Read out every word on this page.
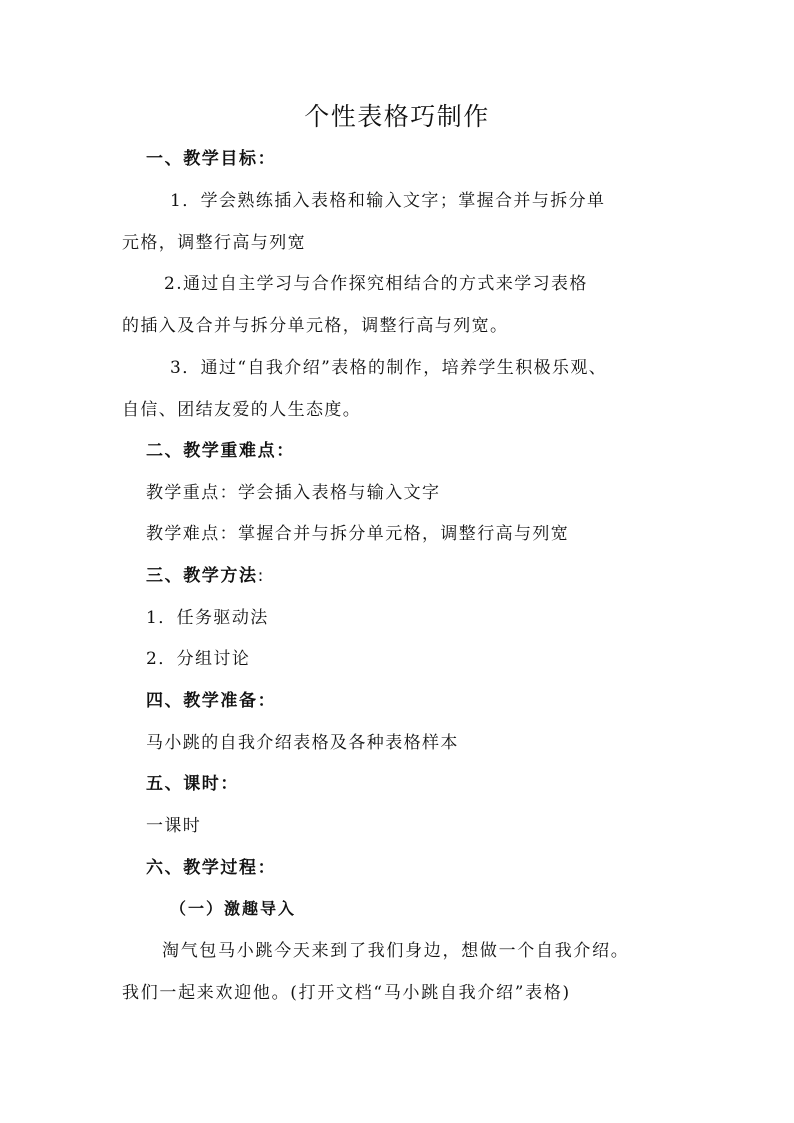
个性表格巧制作
一、教学目标：
1．学会熟练插入表格和输入文字；掌握合并与拆分单
元格，调整行高与列宽
2.通过自主学习与合作探究相结合的方式来学习表格
的插入及合并与拆分单元格，调整行高与列宽。
3．通过“自我介绍”表格的制作，培养学生积极乐观、
自信、团结友爱的人生态度。
二、教学重难点：
教学重点：学会插入表格与输入文字
教学难点：掌握合并与拆分单元格，调整行高与列宽
三、教学方法:
1．任务驱动法
2．分组讨论
四、教学准备：
马小跳的自我介绍表格及各种表格样本
五、课时：
一课时
六、教学过程：
（一）激趣导入
淘气包马小跳今天来到了我们身边，想做一个自我介绍。
我们一起来欢迎他。(打开文档“马小跳自我介绍”表格)
